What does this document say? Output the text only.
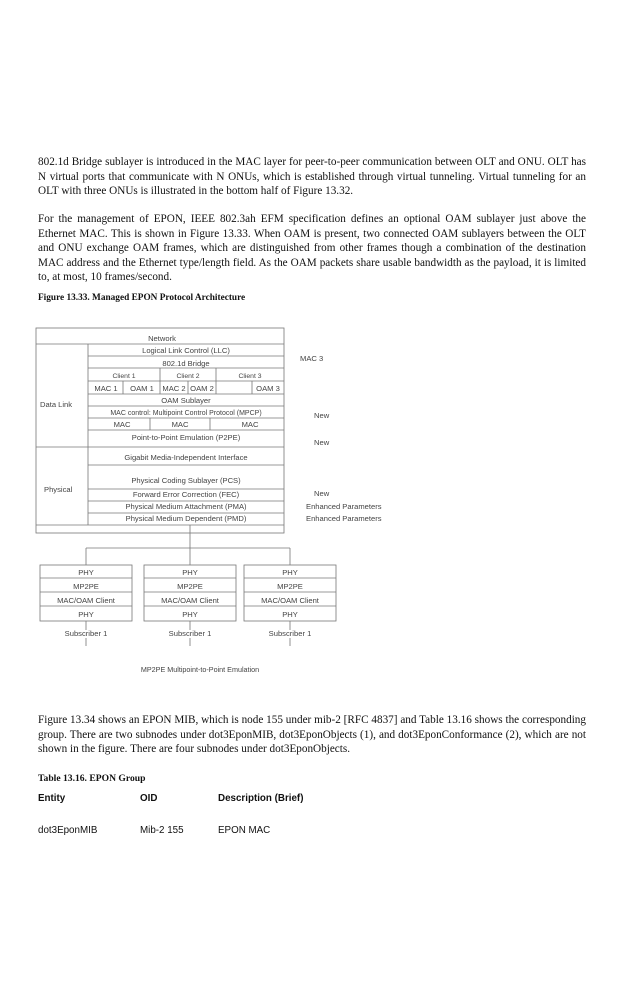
802.1d Bridge sublayer is introduced in the MAC layer for peer-to-peer communication between OLT and ONU. OLT has N virtual ports that communicate with N ONUs, which is established through virtual tunneling. Virtual tunneling for an OLT with three ONUs is illustrated in the bottom half of Figure 13.32.

For the management of EPON, IEEE 802.3ah EFM specification defines an optional OAM sublayer just above the Ethernet MAC. This is shown in Figure 13.33. When OAM is present, two connected OAM sublayers between the OLT and ONU exchange OAM frames, which are distinguished from other frames though a combination of the destination MAC address and the Ethernet type/length field. As the OAM packets share usable bandwidth as the payload, it is limited to, at most, 10 frames/second.

Figure 13.33. Managed EPON Protocol Architecture
Network
Logical Link Control (LLC)
802.1d Bridge
Client 1	Client 2	Client 3
MAC 1 OAM 1 MAC 2 OAM 2	OAM 3
OAM Sublayer
MAC control: Multipoint Control Protocol (MPCP)
MAC	MAC	MAC
Point-to-Point Emulation (P2PE)
Gigabit Media-Independent Interface
Physical Coding Sublayer (PCS)
Forward Error Correction (FEC)
Physical Medium Attachment (PMA)
Physical Medium Dependent (PMD)
Data Link
Physical
MAC 3
New
New
New
Enhanced Parameters
Enhanced Parameters
PHY
MP2PE
MAC/OAM Client
PHY
PHY
MP2PE
MAC/OAM Client
PHY
PHY
MP2PE
MAC/OAM Client
PHY
Subscriber 1	Subscriber 1	Subscriber 1
MP2PE Multipoint-to-Point Emulation

Figure 13.34 shows an EPON MIB, which is node 155 under mib-2 [RFC 4837] and Table 13.16 shows the corresponding group. There are two subnodes under dot3EponMIB, dot3EponObjects (1), and dot3EponConformance (2), which are not shown in the figure. There are four subnodes under dot3EponObjects.

Table 13.16. EPON Group
Entity	OID	Description (Brief)
dot3EponMIB	Mib-2 155	EPON MAC
